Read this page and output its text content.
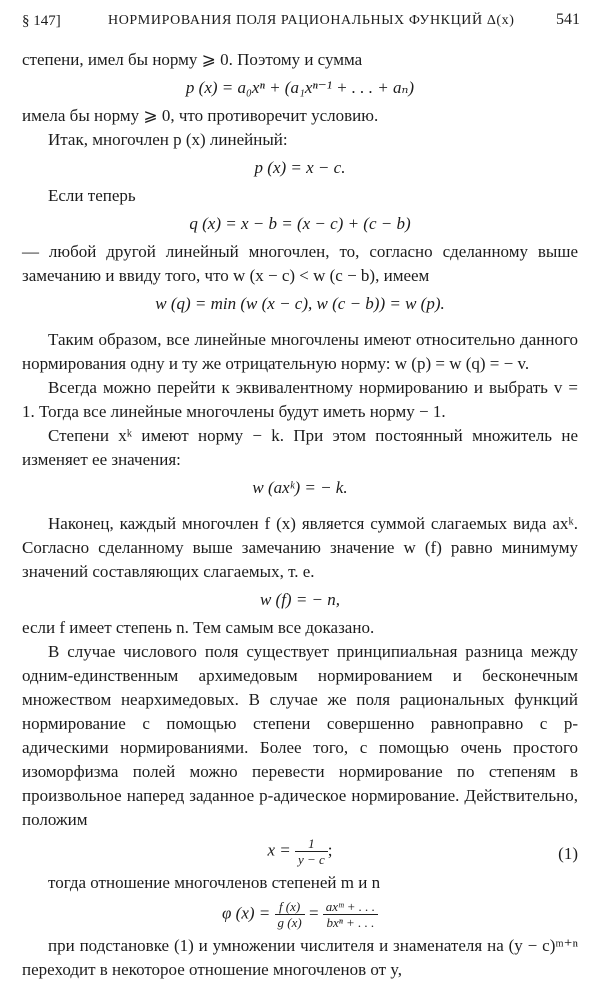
§ 147]	НОРМИРОВАНИЯ ПОЛЯ РАЦИОНАЛЬНЫХ ФУНКЦИЙ Δ(x)	541

степени, имел бы норму ⩾ 0. Поэтому и сумма

p (x) = a₀xⁿ + (a₁xⁿ⁻¹ + . . . + aₙ)

имела бы норму ⩾ 0, что противоречит условию.

Итак, многочлен p (x) линейный:

p (x) = x − c.

Если теперь

q (x) = x − b = (x − c) + (c − b)

— любой другой линейный многочлен, то, согласно сделанному выше замечанию и ввиду того, что w (x − c) < w (c − b), имеем

w (q) = min (w (x − c), w (c − b)) = w (p).

Таким образом, все линейные многочлены имеют относительно данного нормирования одну и ту же отрицательную норму: w (p) = w (q) = − v.

Всегда можно перейти к эквивалентному нормированию и выбрать v = 1. Тогда все линейные многочлены будут иметь норму − 1.

Степени xᵏ имеют норму − k. При этом постоянный множитель не изменяет ее значения:

w (axᵏ) = − k.

Наконец, каждый многочлен f (x) является суммой слагаемых вида axᵏ. Согласно сделанному выше замечанию значение w (f) равно минимуму значений составляющих слагаемых, т. е.

w (f) = − n,

если f имеет степень n. Тем самым все доказано.

В случае числового поля существует принципиальная разница между одним-единственным архимедовым нормированием и бесконечным множеством неархимедовых. В случае же поля рациональных функций нормирование с помощью степени совершенно равноправно с p-адическими нормированиями. Более того, с помощью очень простого изоморфизма полей можно перевести нормирование по степеням в произвольное наперед заданное p-адическое нормирование. Действительно, положим

$x = \frac{1}{y - c}$ ;	(1)

тогда отношение многочленов степеней m и n

φ $(x) = \frac{f (x)}{g (x)} = \frac{\text{axᵐ + . . .}}{\text{bxⁿ + . . .}}$

при подстановке (1) и умножении числителя и знаменателя на (y − c)ᵐ⁺ⁿ переходит в некоторое отношение многочленов от y,
